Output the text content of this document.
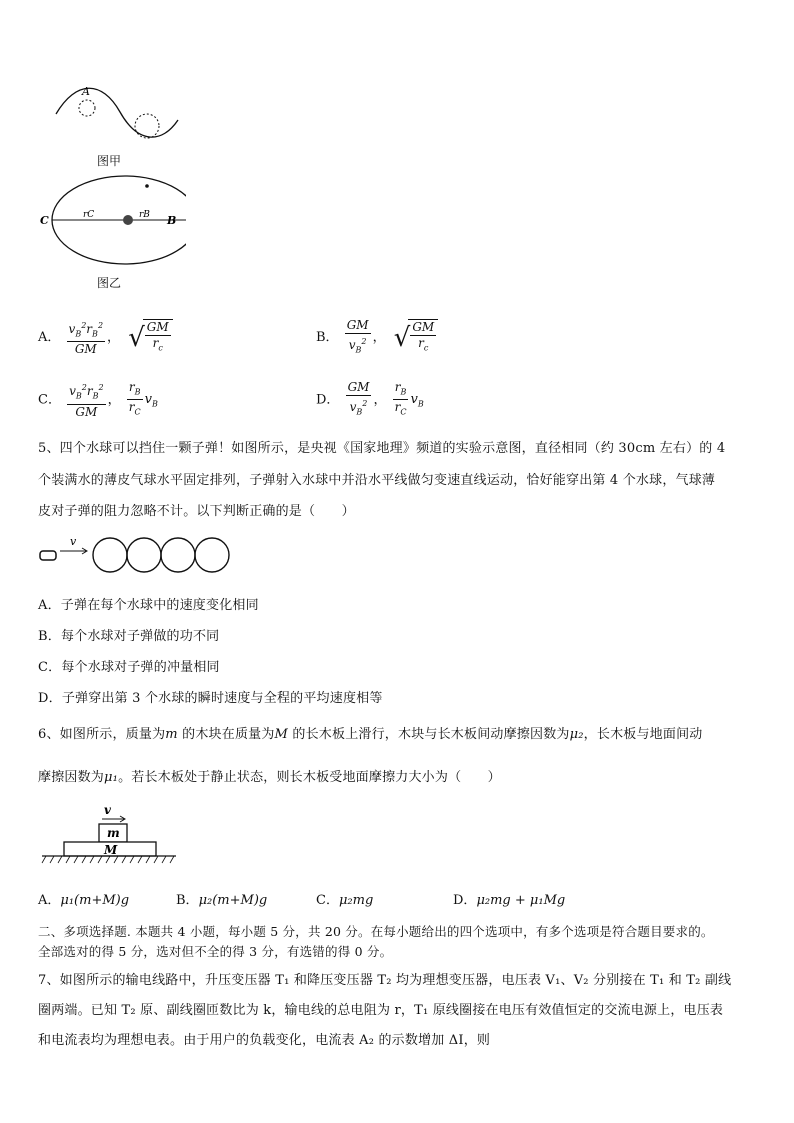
A
图甲
C	B
rC	rB
图乙
A． $\frac{v_B^2r_B^2}{GM}$ ， √ $\frac{GM}{r_c}$	B． $\frac{GM}{v_B^2}$ ， √ $\frac{GM}{r_c}$
C． $\frac{v_B^2r_B^2}{GM}$ ， $\frac{r_B}{r_C} v_B$	D． $\frac{GM}{v_B^2}$ ， $\frac{r_B}{r_C} v_B$
5、四个水球可以挡住一颗子弹！如图所示，是央视《国家地理》频道的实验示意图，直径相同（约 30cm 左右）的 4
个装满水的薄皮气球水平固定排列，子弹射入水球中并沿水平线做匀变速直线运动，恰好能穿出第 4 个水球，气球薄
皮对子弹的阻力忽略不计。以下判断正确的是（　　）
v
A．子弹在每个水球中的速度变化相同
B．每个水球对子弹做的功不同
C．每个水球对子弹的冲量相同
D．子弹穿出第 3 个水球的瞬时速度与全程的平均速度相等
6、如图所示，质量为m 的木块在质量为M 的长木板上滑行，木块与长木板间动摩擦因数为μ₂，长木板与地面间动
摩擦因数为μ₁。若长木板处于静止状态，则长木板受地面摩擦力大小为（　　）
v
m
M
A．μ₁(m+M)g	B．μ₂(m+M)g	C．μ₂mg	D．μ₂mg + μ₁Mg
二、多项选择题. 本题共 4 小题，每小题 5 分，共 20 分。在每小题给出的四个选项中，有多个选项是符合题目要求的。
全部选对的得 5 分，选对但不全的得 3 分，有选错的得 0 分。
7、如图所示的输电线路中，升压变压器 T₁ 和降压变压器 T₂ 均为理想变压器，电压表 V₁、V₂ 分别接在 T₁ 和 T₂ 副线
圈两端。已知 T₂ 原、副线圈匝数比为 k，输电线的总电阻为 r，T₁ 原线圈接在电压有效值恒定的交流电源上，电压表
和电流表均为理想电表。由于用户的负载变化，电流表 A₂ 的示数增加 ΔI，则
